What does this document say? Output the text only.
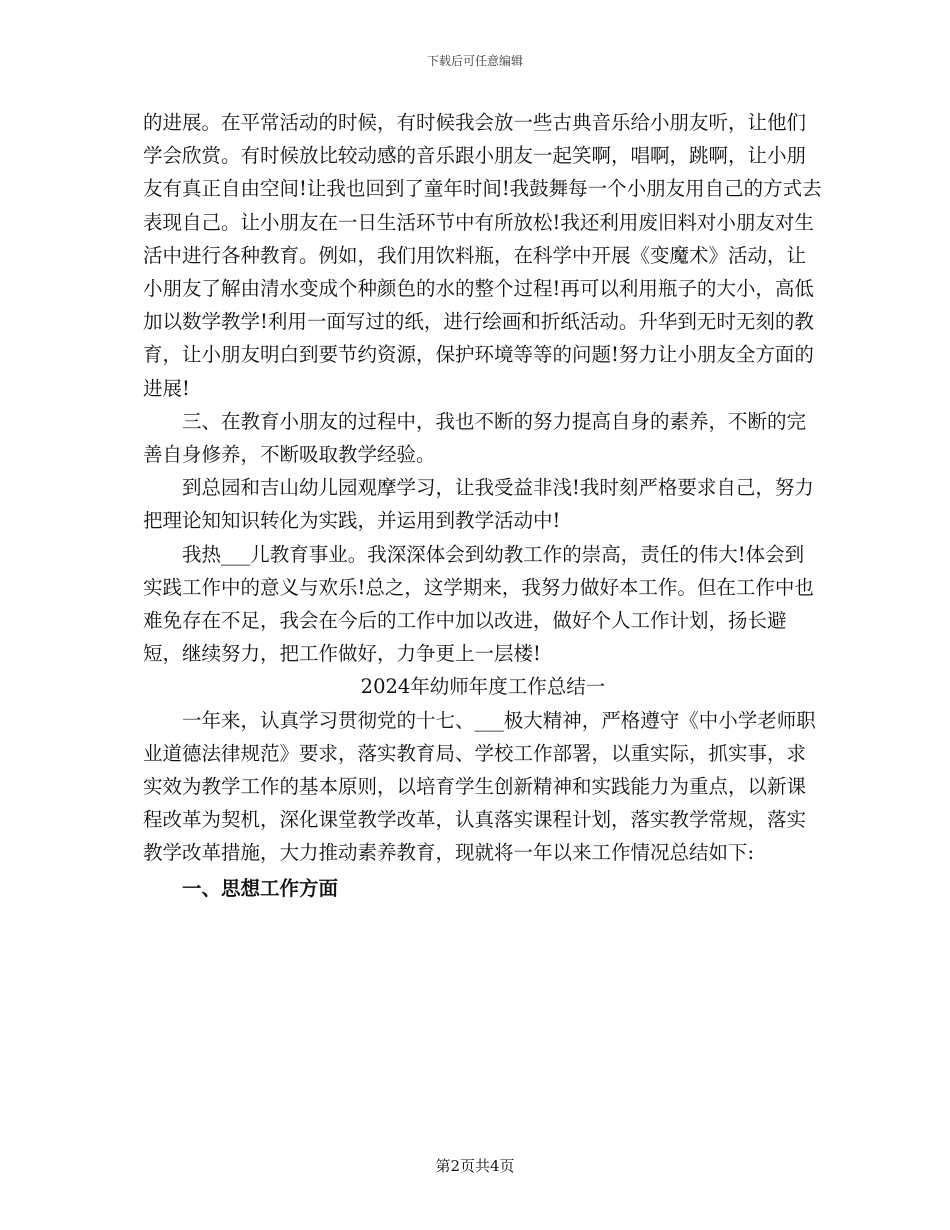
下载后可任意编辑

的进展。在平常活动的时候，有时候我会放一些古典音乐给小朋友听，让他们学会欣赏。有时候放比较动感的音乐跟小朋友一起笑啊，唱啊，跳啊，让小朋友有真正自由空间!让我也回到了童年时间!我鼓舞每一个小朋友用自己的方式去表现自己。让小朋友在一日生活环节中有所放松!我还利用废旧料对小朋友对生活中进行各种教育。例如，我们用饮料瓶，在科学中开展《变魔术》活动，让小朋友了解由清水变成个种颜色的水的整个过程!再可以利用瓶子的大小，高低加以数学教学!利用一面写过的纸，进行绘画和折纸活动。升华到无时无刻的教育，让小朋友明白到要节约资源，保护环境等等的问题!努力让小朋友全方面的进展!

三、在教育小朋友的过程中，我也不断的努力提高自身的素养，不断的完善自身修养，不断吸取教学经验。

到总园和吉山幼儿园观摩学习，让我受益非浅!我时刻严格要求自己，努力把理论知知识转化为实践，并运用到教学活动中!

我热___儿教育事业。我深深体会到幼教工作的崇高，责任的伟大!体会到实践工作中的意义与欢乐!总之，这学期来，我努力做好本工作。但在工作中也难免存在不足，我会在今后的工作中加以改进，做好个人工作计划，扬长避短，继续努力，把工作做好，力争更上一层楼!

2024年幼师年度工作总结一

一年来，认真学习贯彻党的十七、___极大精神，严格遵守《中小学老师职业道德法律规范》要求，落实教育局、学校工作部署，以重实际，抓实事，求实效为教学工作的基本原则，以培育学生创新精神和实践能力为重点，以新课程改革为契机，深化课堂教学改革，认真落实课程计划，落实教学常规，落实教学改革措施，大力推动素养教育，现就将一年以来工作情况总结如下:

一、思想工作方面

第2页共4页
